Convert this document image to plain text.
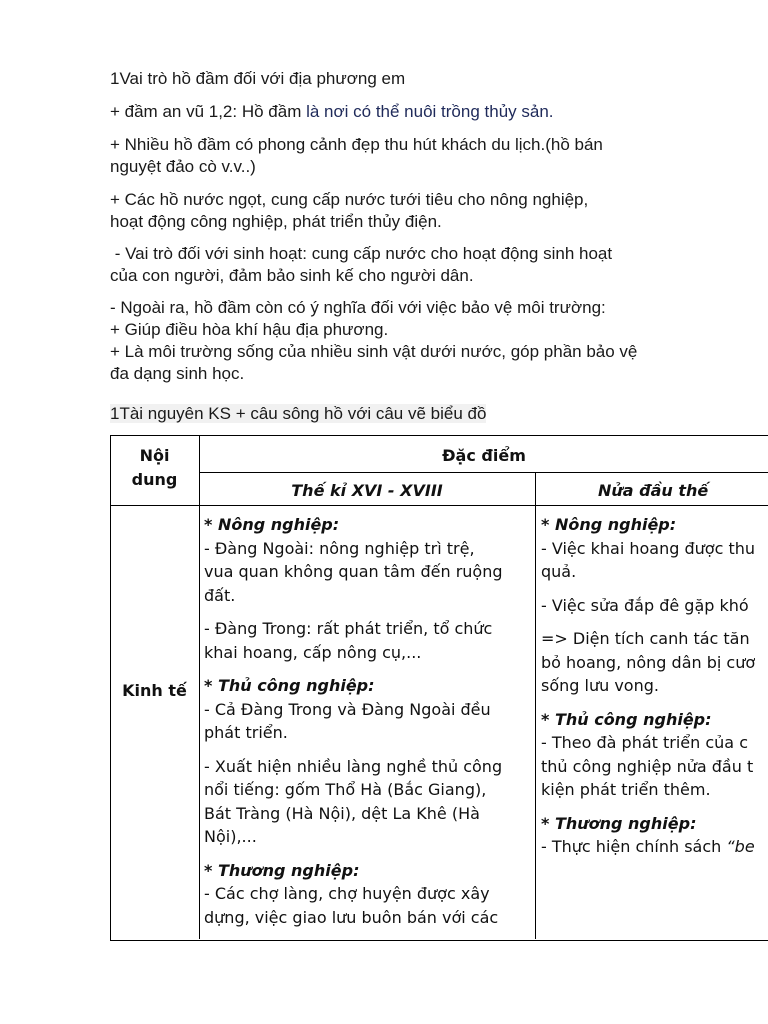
1Vai trò hồ đầm đối với địa phương em
+ đầm an vũ 1,2: Hồ đầm là nơi có thể nuôi trồng thủy sản.
+ Nhiều hồ đầm có phong cảnh đẹp thu hút khách du lịch.(hồ bán
nguyệt đảo cò v.v..)
+ Các hồ nước ngọt, cung cấp nước tưới tiêu cho nông nghiệp,
hoạt động công nghiệp, phát triển thủy điện.
- Vai trò đối với sinh hoạt: cung cấp nước cho hoạt động sinh hoạt
của con người, đảm bảo sinh kế cho người dân.
- Ngoài ra, hồ đầm còn có ý nghĩa đối với việc bảo vệ môi trường:
+ Giúp điều hòa khí hậu địa phương.
+ Là môi trường sống của nhiều sinh vật dưới nước, góp phần bảo vệ
đa dạng sinh học.
1Tài nguyên KS + câu sông hồ với câu vẽ biểu đồ
Nội
dung
Đặc điểm
Thế kỉ XVI - XVIII	Nửa đầu thế
Kinh tế
* Nông nghiệp:
- Đàng Ngoài: nông nghiệp trì trệ,
vua quan không quan tâm đến ruộng
đất.
- Đàng Trong: rất phát triển, tổ chức
khai hoang, cấp nông cụ,...
* Thủ công nghiệp:
- Cả Đàng Trong và Đàng Ngoài đều
phát triển.
- Xuất hiện nhiều làng nghề thủ công
nổi tiếng: gốm Thổ Hà (Bắc Giang),
Bát Tràng (Hà Nội), dệt La Khê (Hà
Nội),...
* Thương nghiệp:
- Các chợ làng, chợ huyện được xây
dựng, việc giao lưu buôn bán với các
* Nông nghiệp:
- Việc khai hoang được thu
quả.
- Việc sửa đắp đê gặp khó
=> Diện tích canh tác tăn
bỏ hoang, nông dân bị cươ
sống lưu vong.
* Thủ công nghiệp:
- Theo đà phát triển của c
thủ công nghiệp nửa đầu t
kiện phát triển thêm.
* Thương nghiệp:
- Thực hiện chính sách “be
